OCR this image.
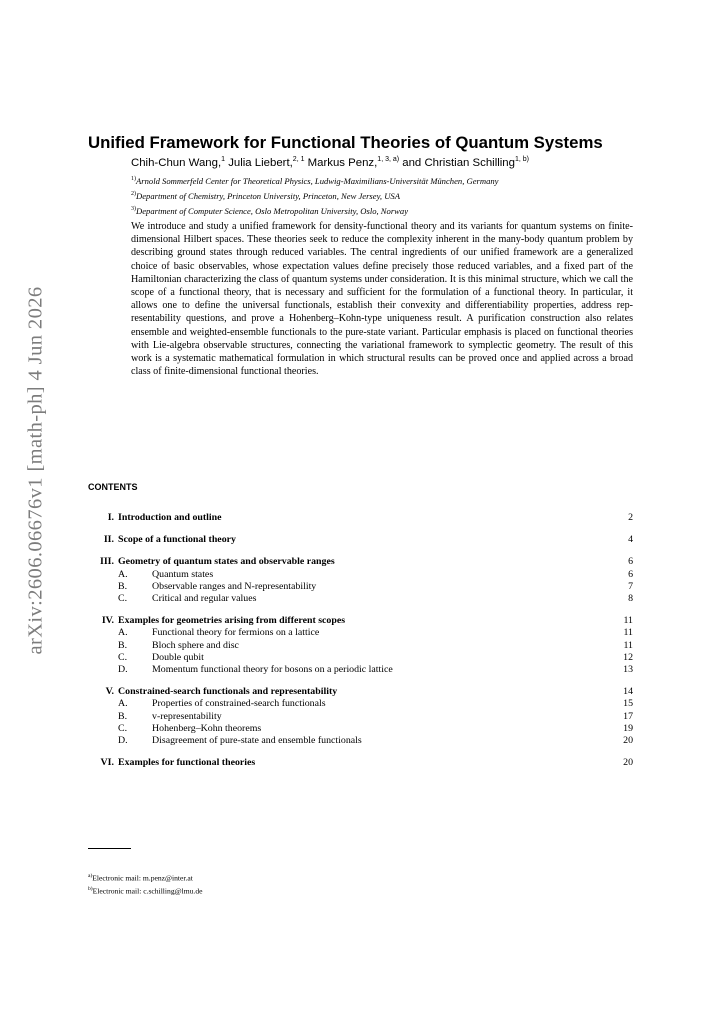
arXiv:2606.06676v1 [math-ph] 4 Jun 2026
Unified Framework for Functional Theories of Quantum Systems
Chih-Chun Wang,$^1$ Julia Liebert,$^{2, 1}$ Markus Penz,$^{1, 3, a)}$ and Christian Schilling$^{1, b)}$
$^{1)}$Arnold Sommerfeld Center for Theoretical Physics, Ludwig-Maximilians-Universität München, Germany
$^{2)}$Department of Chemistry, Princeton University, Princeton, New Jersey, USA
$^{3)}$Department of Computer Science, Oslo Metropolitan University, Oslo, Norway
We introduce and study a unified framework for density-functional theory and its variants for quantum systems on finite-dimensional Hilbert spaces. These theories seek to reduce the complexity inherent in the many-body quantum problem by describing ground states through reduced variables. The central ingredients of our unified framework are a generalized choice of basic observables, whose expectation values define precisely those reduced variables, and a fixed part of the Hamiltonian characterizing the class of quantum systems under consideration. It is this minimal structure, which we call the scope of a functional theory, that is necessary and sufficient for the formulation of a functional theory. In particular, it allows one to define the universal functionals, establish their convexity and differentiability properties, address representability questions, and prove a Hohenberg–Kohn-type uniqueness result. A purification construction also relates ensemble and weighted-ensemble functionals to the pure-state variant. Particular emphasis is placed on functional theories with Lie-algebra observable structures, connecting the variational framework to symplectic geometry. The result of this work is a systematic mathematical formulation in which structural results can be proved once and applied across a broad class of finite-dimensional functional theories.
CONTENTS
I. Introduction and outline	2
II. Scope of a functional theory	4
III. Geometry of quantum states and observable ranges	6
A.	Quantum states	6
B.	Observable ranges and N-representability	7
C.	Critical and regular values	8
IV. Examples for geometries arising from different scopes	11
A.	Functional theory for fermions on a lattice	11
B.	Bloch sphere and disc	11
C.	Double qubit	12
D.	Momentum functional theory for bosons on a periodic lattice	13
V. Constrained-search functionals and representability	14
A.	Properties of constrained-search functionals	15
B.	v-representability	17
C.	Hohenberg–Kohn theorems	19
D.	Disagreement of pure-state and ensemble functionals	20
VI. Examples for functional theories	20
$^{a)}$Electronic mail: m.penz@inter.at
$^{b)}$Electronic mail: c.schilling@lmu.de
